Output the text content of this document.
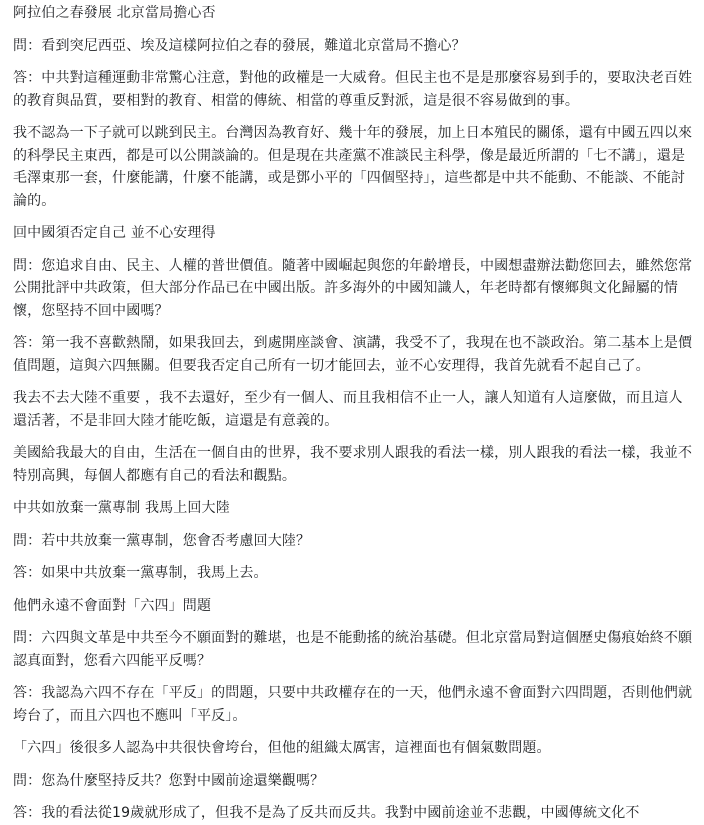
阿拉伯之春發展 北京當局擔心否

問：看到突尼西亞、埃及這樣阿拉伯之春的發展，難道北京當局不擔心？

答：中共對這種運動非常驚心注意，對他的政權是一大威脅。但民主也不是是那麼容易到手的，要取決老百姓的教育與品質，要相對的教育、相當的傳統、相當的尊重反對派，這是很不容易做到的事。

我不認為一下子就可以跳到民主。台灣因為教育好、幾十年的發展，加上日本殖民的關係，還有中國五四以來的科學民主東西，都是可以公開談論的。但是現在共產黨不准談民主科學，像是最近所謂的「七不講」，還是毛澤東那一套，什麼能講，什麼不能講，或是鄧小平的「四個堅持」，這些都是中共不能動、不能談、不能討論的。

回中國須否定自己 並不心安理得

問：您追求自由、民主、人權的普世價值。隨著中國崛起與您的年齡增長，中國想盡辦法勸您回去，雖然您常公開批評中共政策，但大部分作品已在中國出版。許多海外的中國知識人，年老時都有懷鄉與文化歸屬的情懷，您堅持不回中國嗎？

答：第一我不喜歡熱鬧，如果我回去，到處開座談會、演講，我受不了，我現在也不談政治。第二基本上是價值問題，這與六四無關。但要我否定自己所有一切才能回去，並不心安理得，我首先就看不起自己了。

我去不去大陸不重要 ，我不去還好，至少有一個人、而且我相信不止一人，讓人知道有人這麼做，而且這人還活著，不是非回大陸才能吃飯，這還是有意義的。

美國給我最大的自由，生活在一個自由的世界，我不要求別人跟我的看法一樣，別人跟我的看法一樣，我並不特別高興，每個人都應有自己的看法和觀點。

中共如放棄一黨專制 我馬上回大陸

問：若中共放棄一黨專制，您會否考慮回大陸？

答：如果中共放棄一黨專制，我馬上去。

他們永遠不會面對「六四」問題

問：六四與文革是中共至今不願面對的難堪，也是不能動搖的統治基礎。但北京當局對這個歷史傷痕始終不願認真面對，您看六四能平反嗎？

答：我認為六四不存在「平反」的問題，只要中共政權存在的一天，他們永遠不會面對六四問題，否則他們就垮台了，而且六四也不應叫「平反」。

「六四」後很多人認為中共很快會垮台，但他的組織太厲害，這裡面也有個氣數問題。

問：您為什麼堅持反共？您對中國前途還樂觀嗎？

答：我的看法從19歲就形成了，但我不是為了反共而反共。我對中國前途並不悲觀，中國傳統文化不
